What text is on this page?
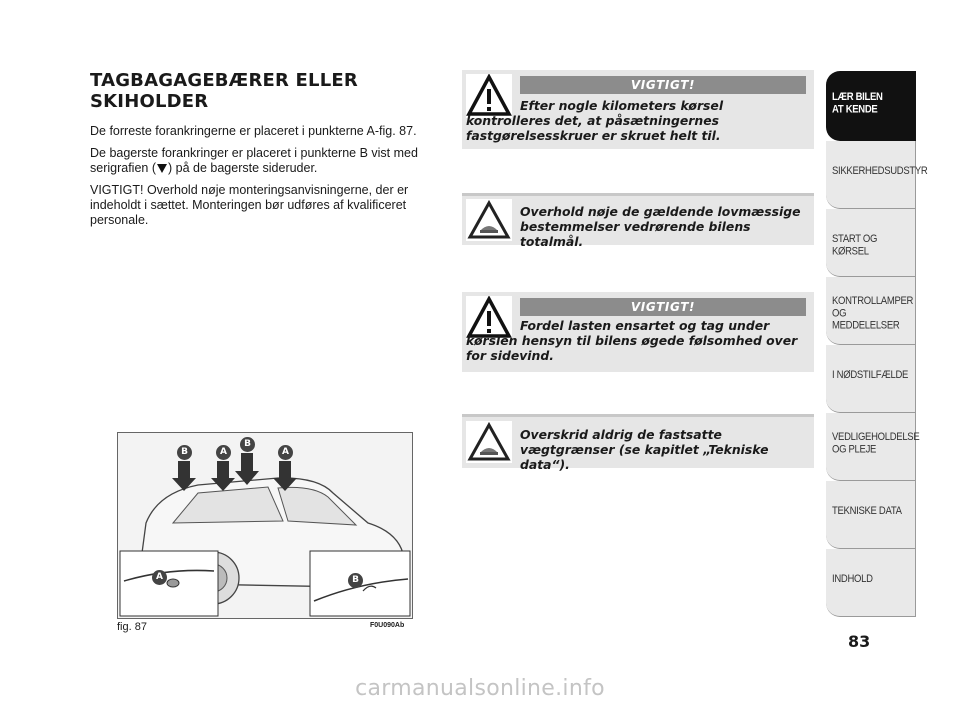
TAGBAGAGEBÆRER ELLER
SKIHOLDER

De forreste forankringerne er placeret i punkterne A-fig. 87.

De bagerste forankringer er placeret i punkterne B vist med serigrafien ( ) på de bagerste sideruder.

VIGTIGT! Overhold nøje monteringsanvisningerne, der er indeholdt i sættet. Monteringen bør udføres af kvalificeret personale.

VIGTIGT!
Efter nogle kilometers kørsel kontrolleres det, at påsætningernes fastgørelsesskruer er skruet helt til.
Overhold nøje de gældende lovmæssige bestemmelser vedrørende bilens totalmål.
VIGTIGT!
Fordel lasten ensartet og tag under kørslen hensyn til bilens øgede følsomhed over for sidevind.
Overskrid aldrig de fastsatte vægtgrænser (se kapitlet „Tekniske data“).
B	A
B
A
A	B
fig. 87	F0U090Ab
LÆR BILEN
AT KENDE
SIKKERHEDSUDSTYR
START OG KØRSEL
KONTROLLAMPER
OG MEDDELELSER
I NØDSTILFÆLDE
VEDLIGEHOLDELSE
OG PLEJE
TEKNISKE DATA
INDHOLD
83
carmanualsonline.info
